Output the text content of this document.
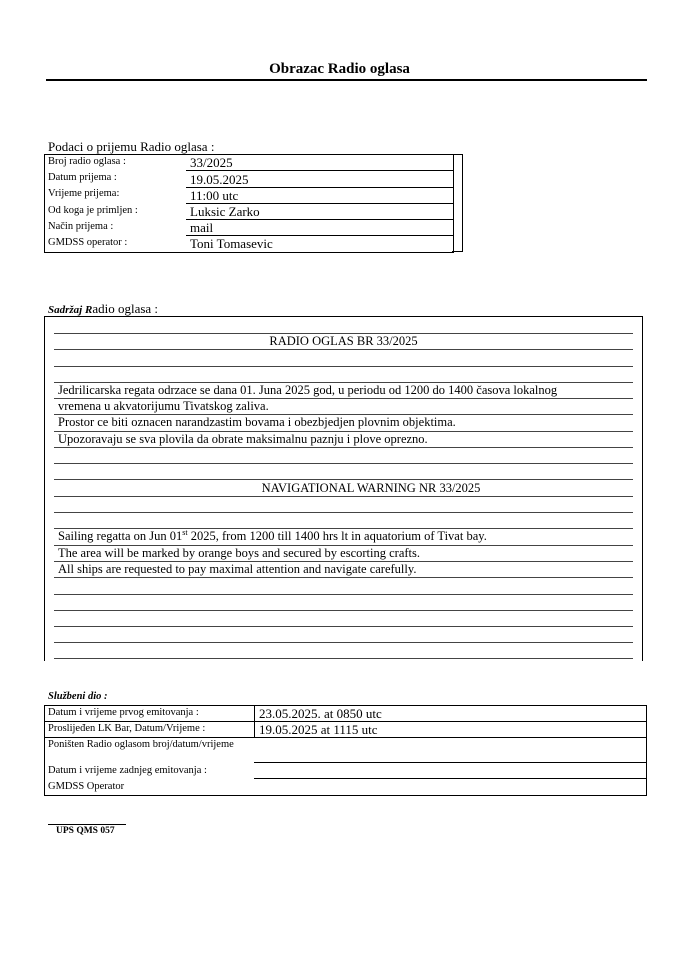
Obrazac Radio oglasa
Podaci o prijemu Radio oglasa :
Broj radio oglasa :	33/2025
Datum prijema :	19.05.2025
Vrijeme prijema:	11:00 utc
Od koga je primljen :	Luksic Zarko
Način prijema :	mail
GMDSS operator :	Toni Tomasevic
Sadržaj Radio oglasa :
RADIO OGLAS BR 33/2025
Jedrilicarska regata odrzace se dana 01. Juna 2025 god, u periodu od 1200 do 1400 časova lokalnog
vremena u akvatorijumu Tivatskog zaliva.
Prostor ce biti oznacen narandzastim bovama i obezbjedjen plovnim objektima.
Upozoravaju se sva plovila da obrate maksimalnu paznju i plove oprezno.
NAVIGATIONAL WARNING NR 33/2025
Sailing regatta on Jun 01st 2025, from 1200 till 1400 hrs lt in aquatorium of Tivat bay.
The area will be marked by orange boys and secured by escorting crafts.
All ships are requested to pay maximal attention and navigate carefully.
Službeni dio :
Datum i vrijeme prvog emitovanja :	23.05.2025. at 0850 utc
Proslijeđen LK Bar, Datum/Vrijeme :	19.05.2025 at 1115 utc
Poništen Radio oglasom broj/datum/vrijeme
Datum i vrijeme zadnjeg emitovanja :
GMDSS Operator
UPS QMS 057
